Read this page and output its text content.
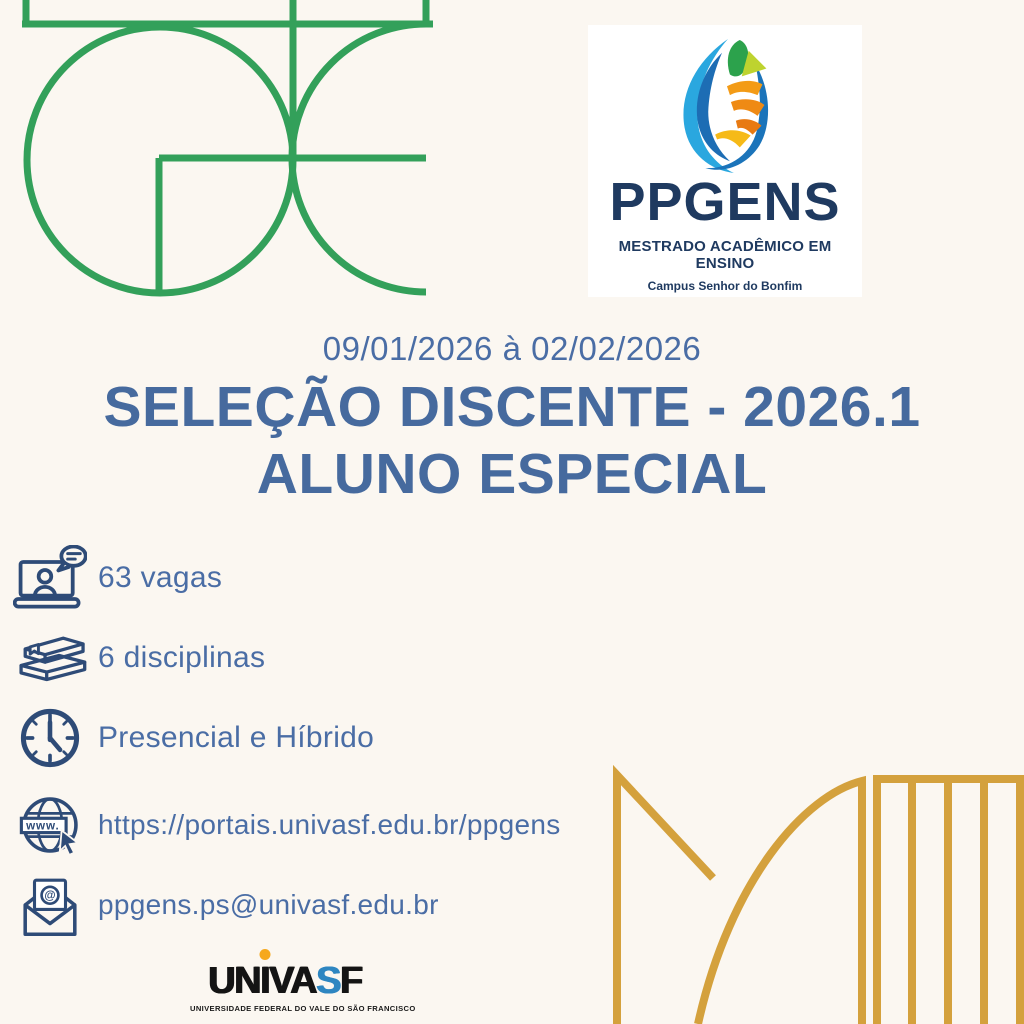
PPGENS
MESTRADO ACADÊMICO EM ENSINO
Campus Senhor do Bonfim
09/01/2026 à 02/02/2026
SELEÇÃO DISCENTE - 2026.1
ALUNO ESPECIAL
63 vagas
6 disciplinas
Presencial e Híbrido
www. https://portais.univasf.edu.br/ppgens
@ ppgens.ps@univasf.edu.br
UN
IVASF
UNIVERSIDADE FEDERAL DO VALE DO SÃO FRANCISCO
